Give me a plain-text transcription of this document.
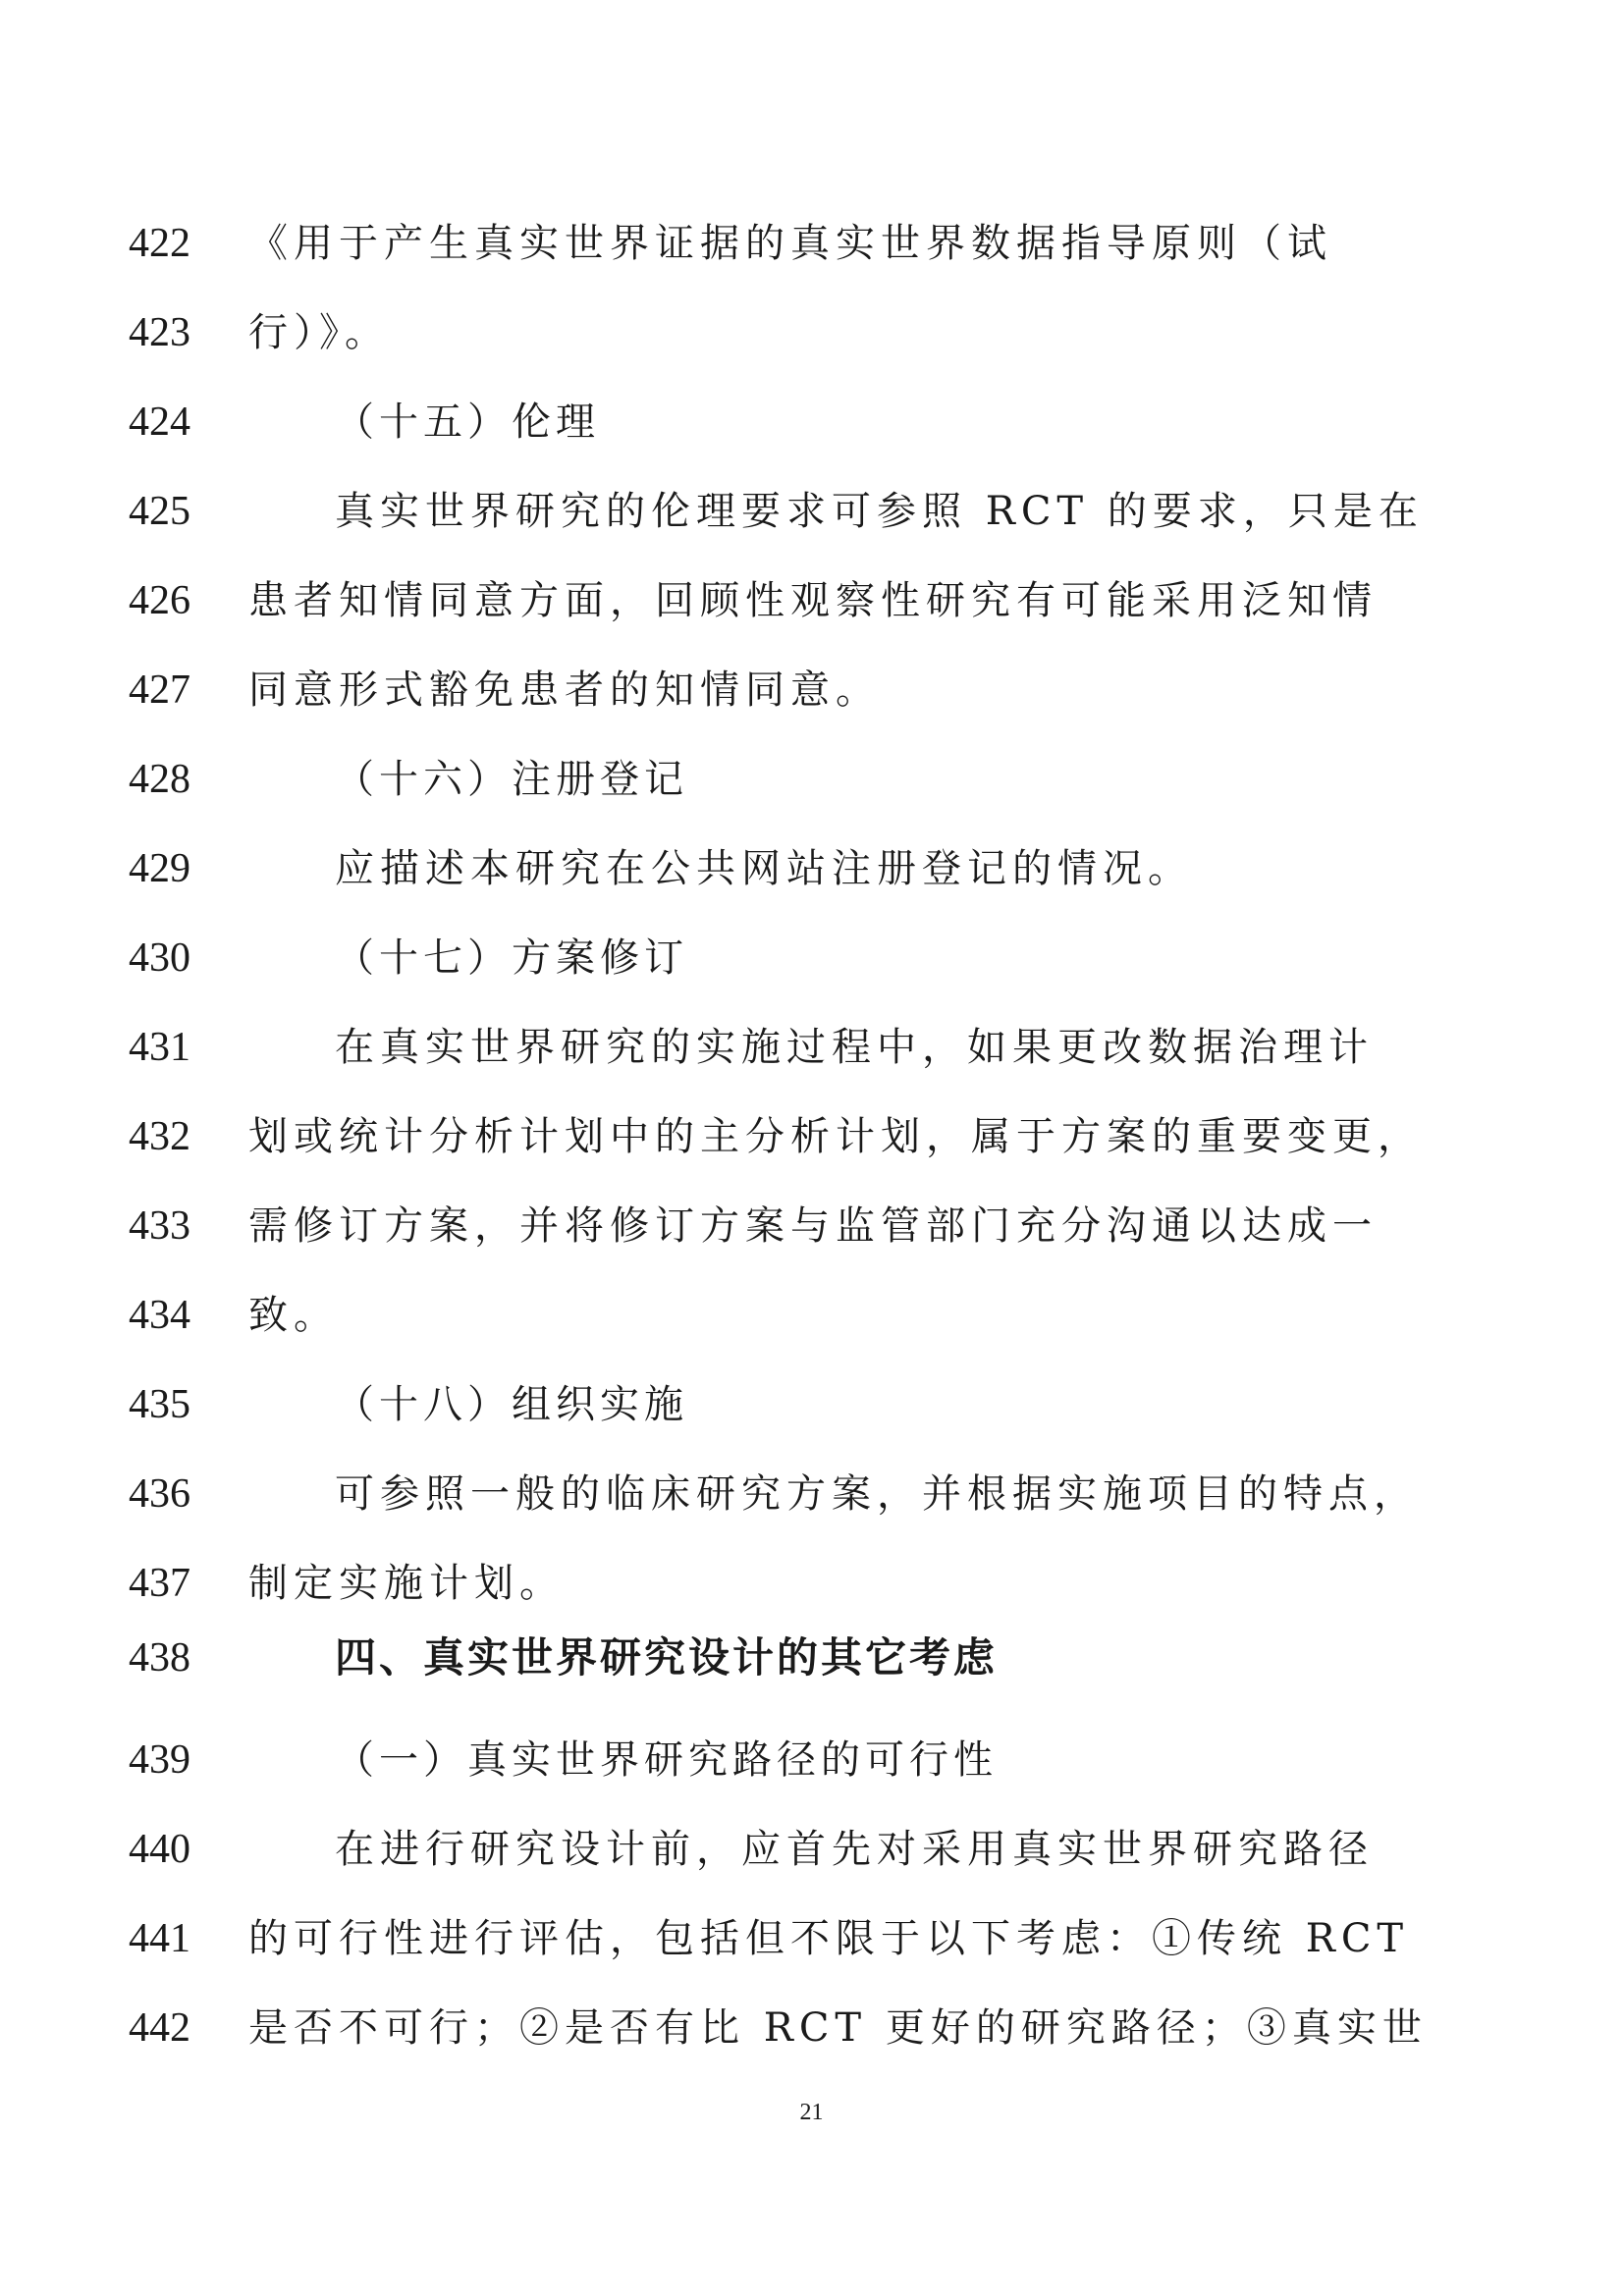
422	《用于产生真实世界证据的真实世界数据指导原则（试
423	行）》。
424	（十五）伦理
425	真实世界研究的伦理要求可参照 RCT 的要求，只是在
426	患者知情同意方面，回顾性观察性研究有可能采用泛知情
427	同意形式豁免患者的知情同意。
428	（十六）注册登记
429	应描述本研究在公共网站注册登记的情况。
430	（十七）方案修订
431	在真实世界研究的实施过程中，如果更改数据治理计
432	划或统计分析计划中的主分析计划，属于方案的重要变更，
433	需修订方案，并将修订方案与监管部门充分沟通以达成一
434	致。
435	（十八）组织实施
436	可参照一般的临床研究方案，并根据实施项目的特点，
437	制定实施计划。
438	四、真实世界研究设计的其它考虑
439	（一）真实世界研究路径的可行性
440	在进行研究设计前，应首先对采用真实世界研究路径
441	的可行性进行评估，包括但不限于以下考虑：①传统 RCT
442	是否不可行；②是否有比 RCT 更好的研究路径；③真实世
21
